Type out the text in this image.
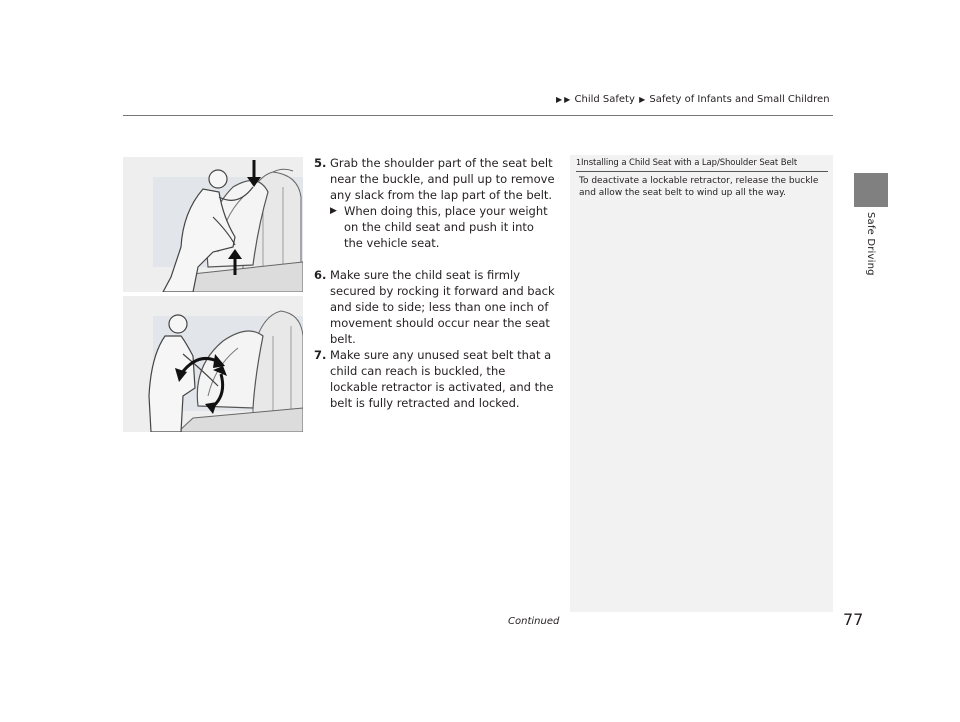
▶ ▶ Child Safety ▶ Safety of Infants and Small Children
Safe Driving
5. Grab the shoulder part of the seat belt near the buckle, and pull up to remove any slack from the lap part of the belt.
▶ When doing this, place your weight on the child seat and push it into the vehicle seat.
6. Make sure the child seat is firmly secured by rocking it forward and back and side to side; less than one inch of movement should occur near the seat belt.
7. Make sure any unused seat belt that a child can reach is buckled, the lockable retractor is activated, and the belt is fully retracted and locked.
1Installing a Child Seat with a Lap/Shoulder Seat Belt
To deactivate a lockable retractor, release the buckle and allow the seat belt to wind up all the way.
Continued	77
